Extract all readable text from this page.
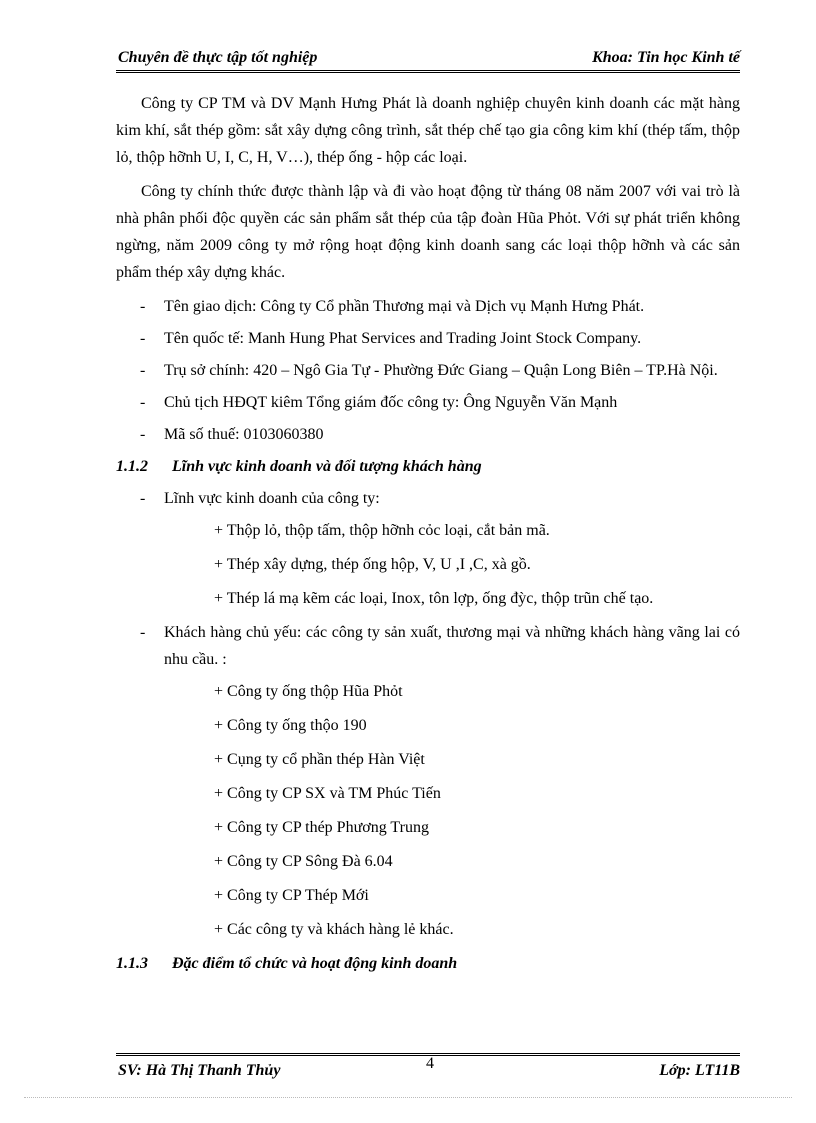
Chuyên đề thực tập tốt nghiệp	Khoa: Tin học Kinh tế

Công ty CP TM và DV Mạnh Hưng Phát là doanh nghiệp chuyên kinh doanh các mặt hàng kim khí, sắt thép gồm: sắt xây dựng công trình, sắt thép chế tạo gia công kim khí (thép tấm, thộp lỏ, thộp hỡnh U, I, C, H, V…), thép ống - hộp các loại.

Công ty chính thức được thành lập và đi vào hoạt động từ tháng 08 năm 2007 với vai trò là nhà phân phối độc quyền các sản phẩm sắt thép của tập đoàn Hũa Phỏt. Với sự phát triển không ngừng, năm 2009 công ty mở rộng hoạt động kinh doanh sang các loại thộp hỡnh và các sản phẩm thép xây dựng khác.

- Tên giao dịch: Công ty Cổ phần Thương mại và Dịch vụ Mạnh Hưng Phát.
- Tên quốc tế: Manh Hung Phat Services and Trading Joint Stock Company.
- Trụ sở chính: 420 – Ngô Gia Tự - Phường Đức Giang – Quận Long Biên – TP.Hà Nội.
- Chủ tịch HĐQT kiêm Tổng giám đốc công ty: Ông Nguyễn Văn Mạnh
- Mã số thuế: 0103060380
1.1.2 Lĩnh vực kinh doanh và đối tượng khách hàng
- Lĩnh vực kinh doanh của công ty:
+ Thộp lỏ, thộp tấm, thộp hỡnh cỏc loại, cắt bản mã.
+ Thép xây dựng, thép ống hộp, V, U ,I ,C, xà gồ.
+ Thép lá mạ kẽm các loại, Inox, tôn lợp, ống đỳc, thộp trũn chế tạo.
- Khách hàng chủ yếu: các công ty sản xuất, thương mại và những khách hàng vãng lai có nhu cầu. :
+ Công ty ống thộp Hũa Phỏt
+ Công ty ống thộo 190
+ Cụng ty cổ phần thép Hàn Việt
+ Công ty CP SX và TM Phúc Tiến
+ Công ty CP thép Phương Trung
+ Công ty CP Sông Đà 6.04
+ Công ty CP Thép Mới
+ Các công ty và khách hàng lẻ khác.
1.1.3 Đặc điểm tổ chức và hoạt động kinh doanh
SV: Hà Thị Thanh Thủy	4	Lớp: LT11B
